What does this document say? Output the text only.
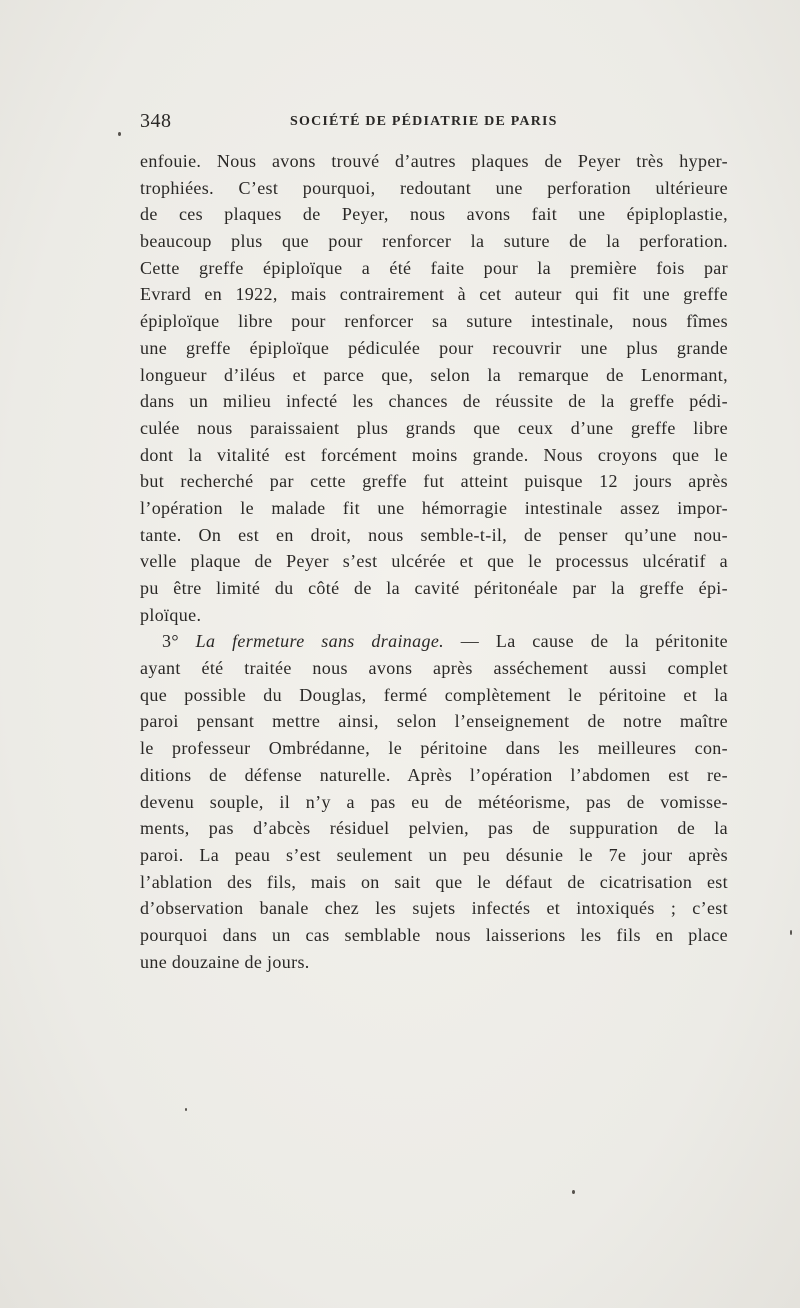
348	SOCIÉTÉ DE PÉDIATRIE DE PARIS
enfouie. Nous avons trouvé d’autres plaques de Peyer très hyper-
trophiées. C’est pourquoi, redoutant une perforation ultérieure
de ces plaques de Peyer, nous avons fait une épiploplastie,
beaucoup plus que pour renforcer la suture de la perforation.
Cette greffe épiploïque a été faite pour la première fois par
Evrard en 1922, mais contrairement à cet auteur qui fit une greffe
épiploïque libre pour renforcer sa suture intestinale, nous fîmes
une greffe épiploïque pédiculée pour recouvrir une plus grande
longueur d’iléus et parce que, selon la remarque de Lenormant,
dans un milieu infecté les chances de réussite de la greffe pédi-
culée nous paraissaient plus grands que ceux d’une greffe libre
dont la vitalité est forcément moins grande. Nous croyons que le
but recherché par cette greffe fut atteint puisque 12 jours après
l’opération le malade fit une hémorragie intestinale assez impor-
tante. On est en droit, nous semble-t-il, de penser qu’une nou-
velle plaque de Peyer s’est ulcérée et que le processus ulcératif a
pu être limité du côté de la cavité péritonéale par la greffe épi-
ploïque.
3° La fermeture sans drainage. — La cause de la péritonite
ayant été traitée nous avons après asséchement aussi complet
que possible du Douglas, fermé complètement le péritoine et la
paroi pensant mettre ainsi, selon l’enseignement de notre maître
le professeur Ombrédanne, le péritoine dans les meilleures con-
ditions de défense naturelle. Après l’opération l’abdomen est re-
devenu souple, il n’y a pas eu de météorisme, pas de vomisse-
ments, pas d’abcès résiduel pelvien, pas de suppuration de la
paroi. La peau s’est seulement un peu désunie le 7e jour après
l’ablation des fils, mais on sait que le défaut de cicatrisation est
d’observation banale chez les sujets infectés et intoxiqués ; c’est
pourquoi dans un cas semblable nous laisserions les fils en place
une douzaine de jours.
